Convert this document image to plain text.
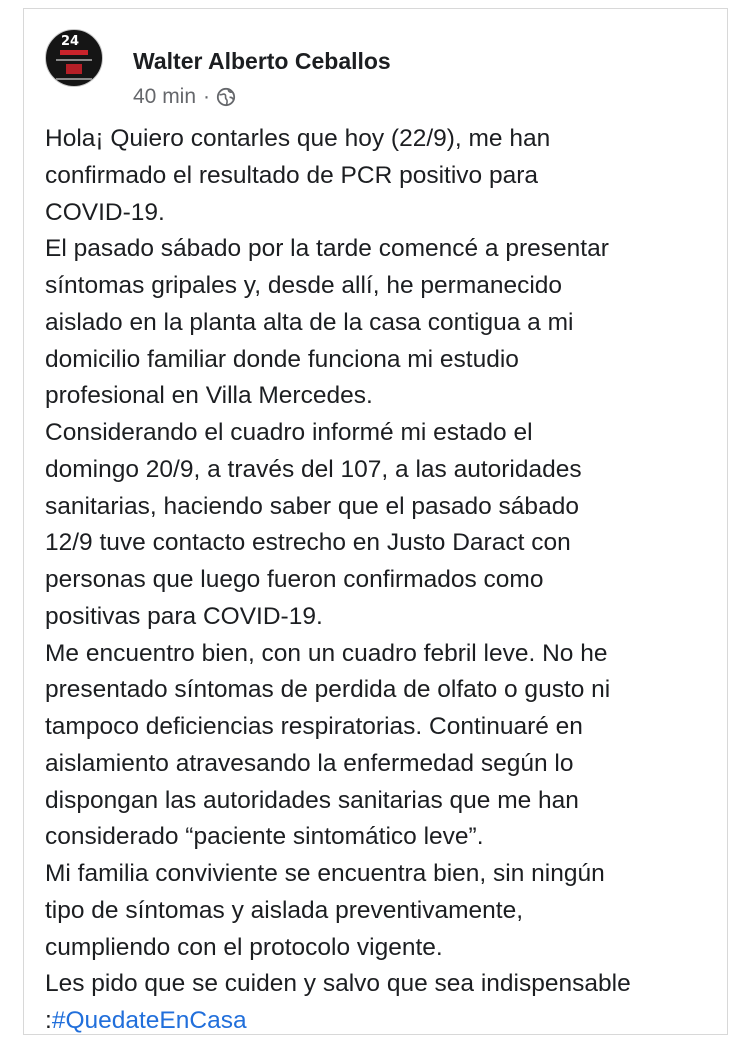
24
Walter Alberto Ceballos
40 min ·

Hola¡ Quiero contarles que hoy (22/9), me han
confirmado el resultado de PCR positivo para
COVID-19.

El pasado sábado por la tarde comencé a presentar
síntomas gripales y, desde allí, he permanecido
aislado en la planta alta de la casa contigua a mi
domicilio familiar donde funciona mi estudio
profesional en Villa Mercedes.

Considerando el cuadro informé mi estado el
domingo 20/9, a través del 107, a las autoridades
sanitarias, haciendo saber que el pasado sábado
12/9 tuve contacto estrecho en Justo Daract con
personas que luego fueron confirmados como
positivas para COVID-19.

Me encuentro bien, con un cuadro febril leve. No he
presentado síntomas de perdida de olfato o gusto ni
tampoco deficiencias respiratorias. Continuaré en
aislamiento atravesando la enfermedad según lo
dispongan las autoridades sanitarias que me han
considerado “paciente sintomático leve”.

Mi familia conviviente se encuentra bien, sin ningún
tipo de síntomas y aislada preventivamente,
cumpliendo con el protocolo vigente.

Les pido que se cuiden y salvo que sea indispensable

:#QuedateEnCasa
